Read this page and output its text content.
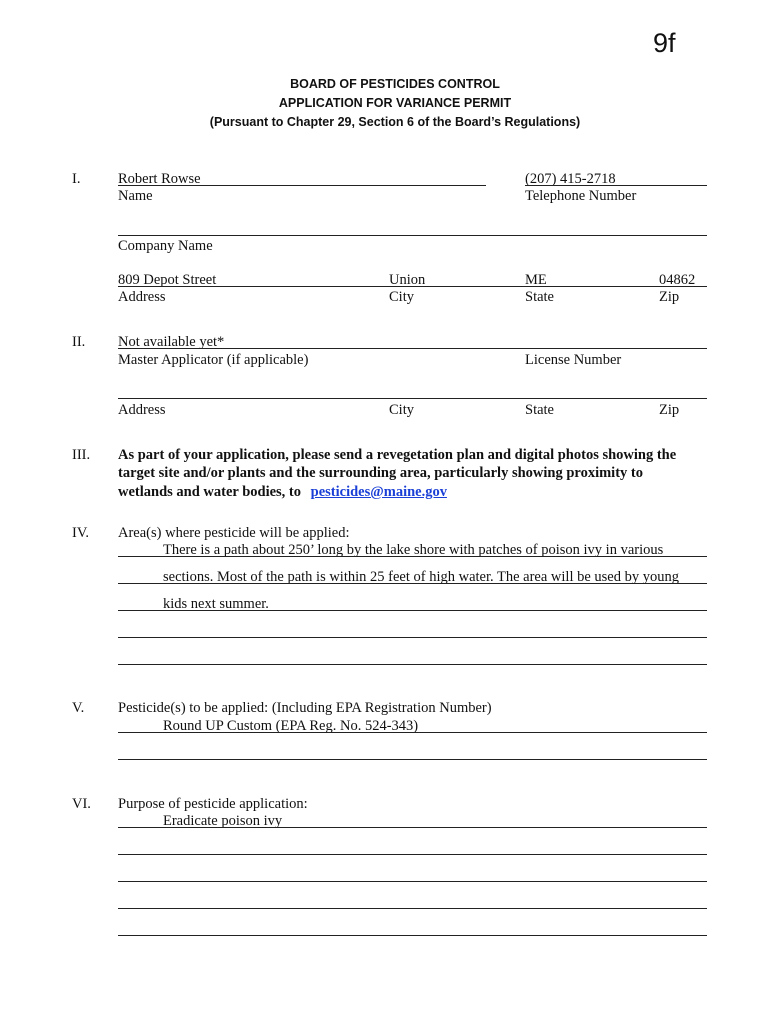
9f
BOARD OF PESTICIDES CONTROL
APPLICATION FOR VARIANCE PERMIT
(Pursuant to Chapter 29, Section 6 of the Board’s Regulations)
I.	Robert Rowse
Name
(207) 415-2718
Telephone Number
Company Name
809 Depot Street	Union	ME	04862
Address	City	State	Zip
II. Not available yet*
Master Applicator (if applicable)	License Number
Address	City	State	Zip
III. As part of your application, please send a revegetation plan and digital photos showing the
target site and/or plants and the surrounding area, particularly showing proximity to
wetlands and water bodies, to pesticides@maine.gov
IV. Area(s) where pesticide will be applied:
There is a path about 250’ long by the lake shore with patches of poison ivy in various
sections. Most of the path is within 25 feet of high water. The area will be used by young
kids next summer.
V. Pesticide(s) to be applied: (Including EPA Registration Number)
Round UP Custom (EPA Reg. No. 524-343)
VI. Purpose of pesticide application:
Eradicate poison ivy
